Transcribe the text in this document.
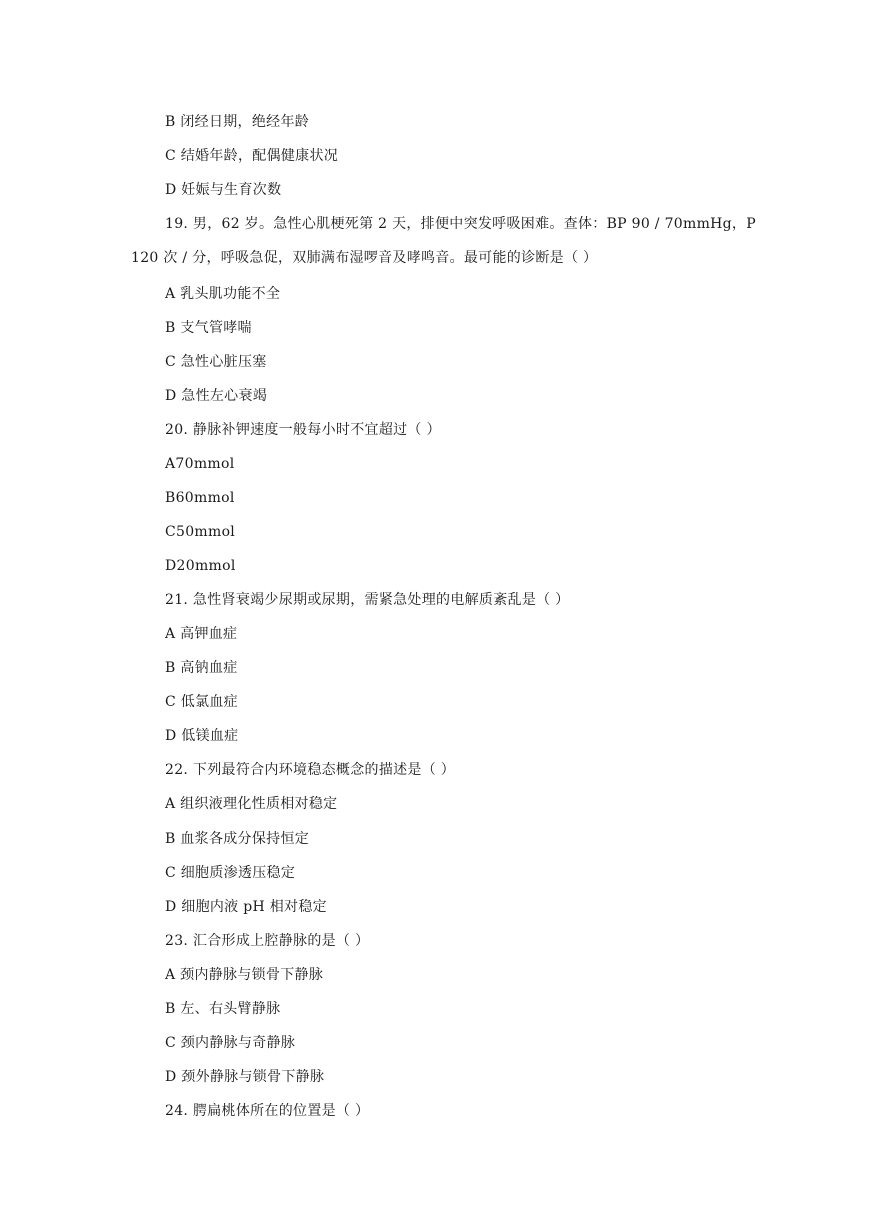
B 闭经日期，绝经年龄
C 结婚年龄，配偶健康状况
D 妊娠与生育次数
19. 男，62 岁。急性心肌梗死第 2 天，排便中突发呼吸困难。查体：BP 90 / 70mmHg，P
120 次 / 分，呼吸急促，双肺满布湿啰音及哮鸣音。最可能的诊断是（ ）
A 乳头肌功能不全
B 支气管哮喘
C 急性心脏压塞
D 急性左心衰竭
20. 静脉补钾速度一般每小时不宜超过（ ）
A70mmol
B60mmol
C50mmol
D20mmol
21. 急性肾衰竭少尿期或尿期，需紧急处理的电解质紊乱是（ ）
A 高钾血症
B 高钠血症
C 低氯血症
D 低镁血症
22. 下列最符合内环境稳态概念的描述是（ ）
A 组织液理化性质相对稳定
B 血浆各成分保持恒定
C 细胞质渗透压稳定
D 细胞内液 pH 相对稳定
23. 汇合形成上腔静脉的是（ ）
A 颈内静脉与锁骨下静脉
B 左、右头臂静脉
C 颈内静脉与奇静脉
D 颈外静脉与锁骨下静脉
24. 腭扁桃体所在的位置是（ ）
